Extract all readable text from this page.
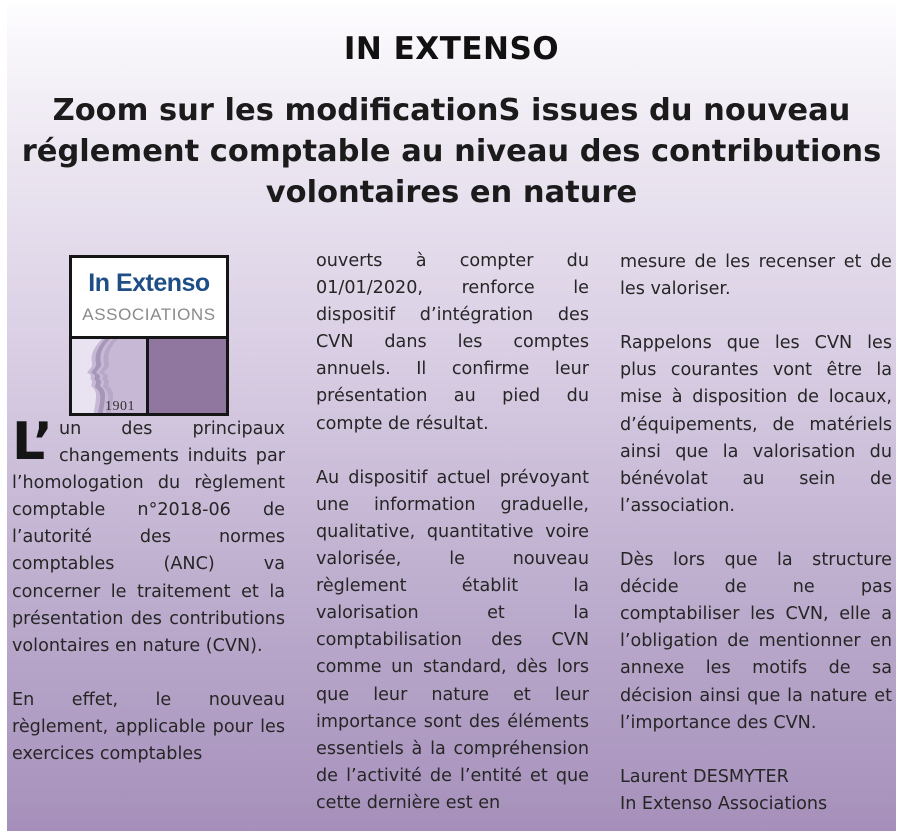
IN EXTENSO
Zoom sur les modificationS issues du nouveau
réglement comptable au niveau des contributions
volontaires en nature
In Extenso
ASSOCIATIONS
1901

L’ un des principaux changements induits par l’homologation du règlement comptable n°2018-06 de l’autorité des normes comptables (ANC) va concerner le traitement et la présentation des contributions volontaires en nature (CVN).

En effet, le nouveau règlement, applicable pour les exercices comptables

ouverts à compter du 01/01/2020, renforce le dispositif d’intégration des CVN dans les comptes annuels. Il confirme leur présentation au pied du compte de résultat.

Au dispositif actuel prévoyant une information graduelle, qualitative, quantitative voire valorisée, le nouveau règlement établit la valorisation et la comptabilisation des CVN comme un standard, dès lors que leur nature et leur importance sont des éléments essentiels à la compréhension de l’activité de l’entité et que cette dernière est en

mesure de les recenser et de les valoriser.

Rappelons que les CVN les plus courantes vont être la mise à disposition de locaux, d’équipements, de matériels ainsi que la valorisation du bénévolat au sein de l’association.

Dès lors que la structure décide de ne pas comptabiliser les CVN, elle a l’obligation de mentionner en annexe les motifs de sa décision ainsi que la nature et l’importance des CVN.

Laurent DESMYTER

In Extenso Associations
